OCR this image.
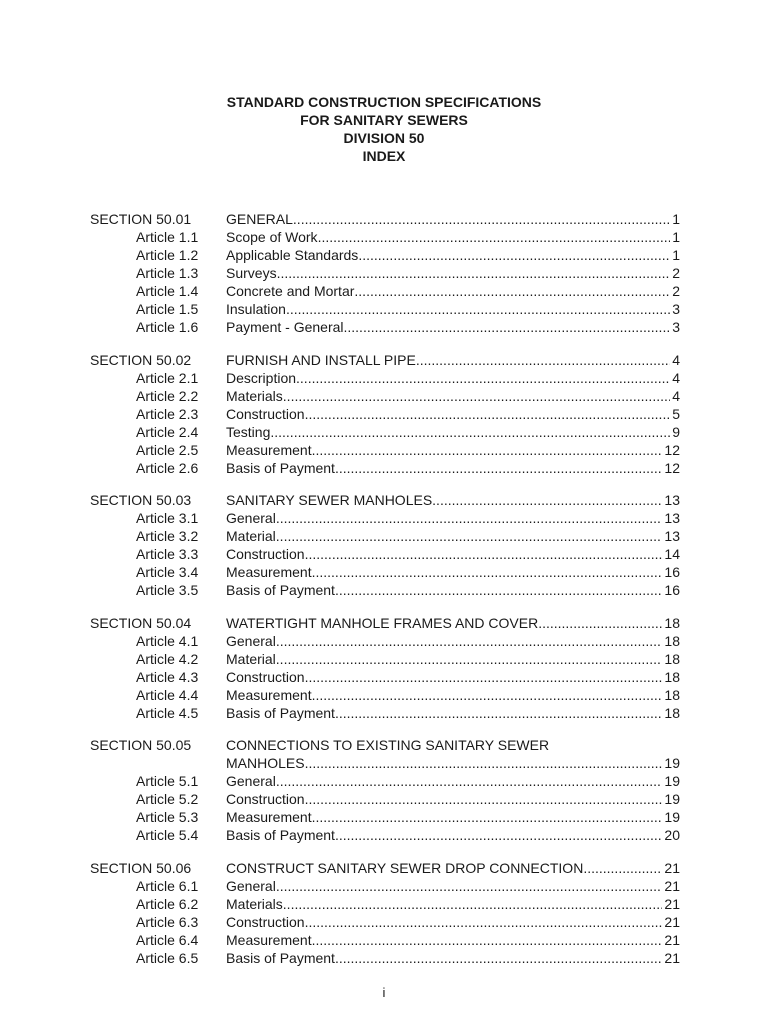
STANDARD CONSTRUCTION SPECIFICATIONS
FOR SANITARY SEWERS
DIVISION 50
INDEX
SECTION 50.01 GENERAL .....	1
Article 1.1 Scope of Work .....	1
Article 1.2 Applicable Standards .....	1
Article 1.3 Surveys .....	2
Article 1.4 Concrete and Mortar .....	2
Article 1.5 Insulation .....	3
Article 1.6 Payment - General .....	3
SECTION 50.02 FURNISH AND INSTALL PIPE .....	4
Article 2.1 Description .....	4
Article 2.2 Materials .....	4
Article 2.3 Construction .....	5
Article 2.4 Testing .....	9
Article 2.5 Measurement .....	12
Article 2.6 Basis of Payment .....	12
SECTION 50.03 SANITARY SEWER MANHOLES .....	13
Article 3.1 General .....	13
Article 3.2 Material .....	13
Article 3.3 Construction .....	14
Article 3.4 Measurement .....	16
Article 3.5 Basis of Payment .....	16
SECTION 50.04 WATERTIGHT MANHOLE FRAMES AND COVER .....	18
Article 4.1 General .....	18
Article 4.2 Material .....	18
Article 4.3 Construction .....	18
Article 4.4 Measurement .....	18
Article 4.5 Basis of Payment .....	18
SECTION 50.05 CONNECTIONS TO EXISTING SANITARY SEWER
MANHOLES .....	19
Article 5.1 General .....	19
Article 5.2 Construction .....	19
Article 5.3 Measurement .....	19
Article 5.4 Basis of Payment .....	20
SECTION 50.06 CONSTRUCT SANITARY SEWER DROP CONNECTION .....	21
Article 6.1 General .....	21
Article 6.2 Materials .....	21
Article 6.3 Construction .....	21
Article 6.4 Measurement .....	21
Article 6.5 Basis of Payment .....	21
i
